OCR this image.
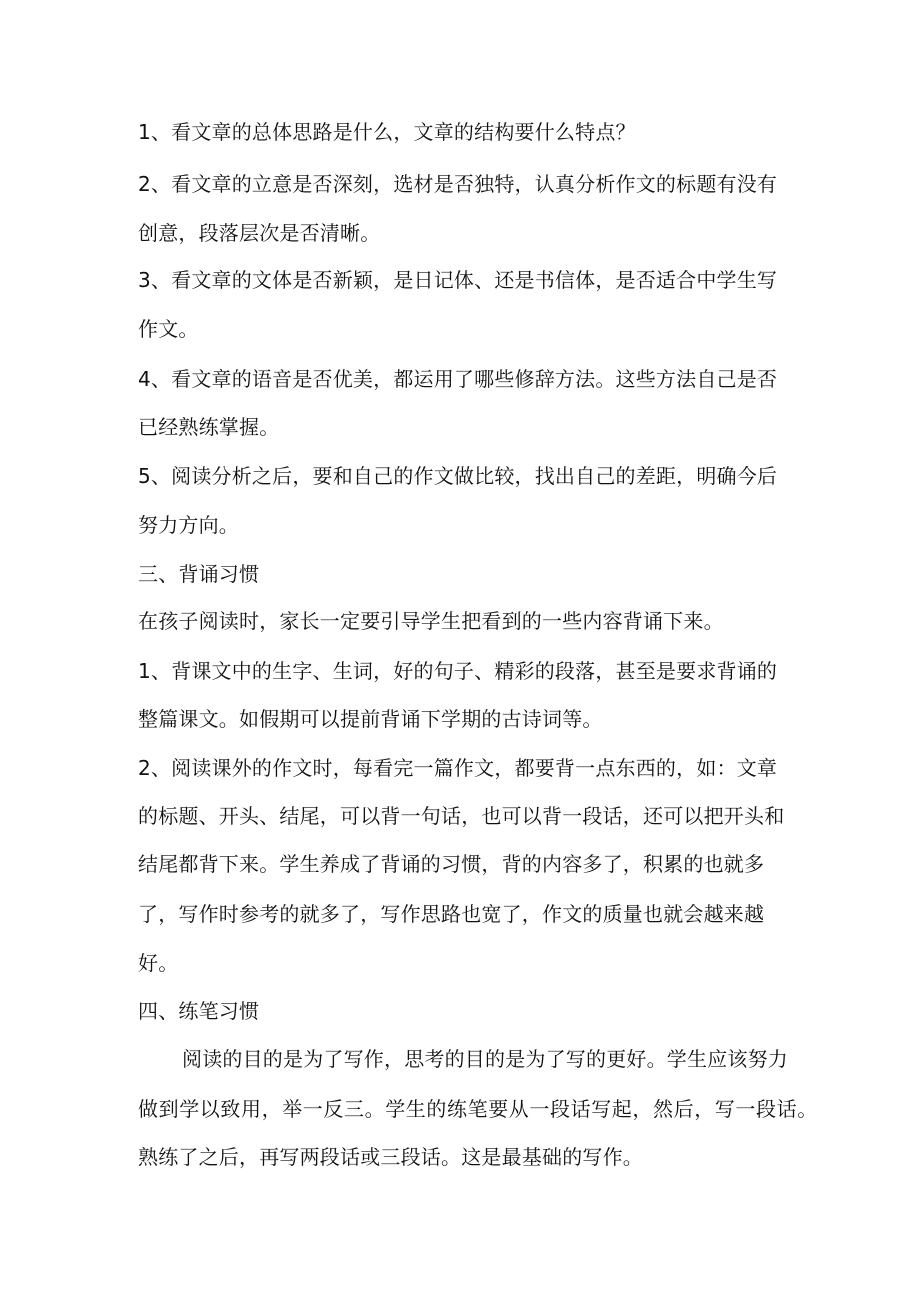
1、看文章的总体思路是什么，文章的结构要什么特点？
2、看文章的立意是否深刻，选材是否独特，认真分析作文的标题有没有
创意，段落层次是否清晰。
3、看文章的文体是否新颖，是日记体、还是书信体，是否适合中学生写
作文。
4、看文章的语音是否优美，都运用了哪些修辞方法。这些方法自己是否
已经熟练掌握。
5、阅读分析之后，要和自己的作文做比较，找出自己的差距，明确今后
努力方向。
三、背诵习惯
在孩子阅读时，家长一定要引导学生把看到的一些内容背诵下来。
1、背课文中的生字、生词，好的句子、精彩的段落，甚至是要求背诵的
整篇课文。如假期可以提前背诵下学期的古诗词等。
2、阅读课外的作文时，每看完一篇作文，都要背一点东西的，如：文章
的标题、开头、结尾，可以背一句话，也可以背一段话，还可以把开头和
结尾都背下来。学生养成了背诵的习惯，背的内容多了，积累的也就多
了，写作时参考的就多了，写作思路也宽了，作文的质量也就会越来越
好。
四、练笔习惯
阅读的目的是为了写作，思考的目的是为了写的更好。学生应该努力
做到学以致用，举一反三。学生的练笔要从一段话写起，然后，写一段话。
熟练了之后，再写两段话或三段话。这是最基础的写作。
